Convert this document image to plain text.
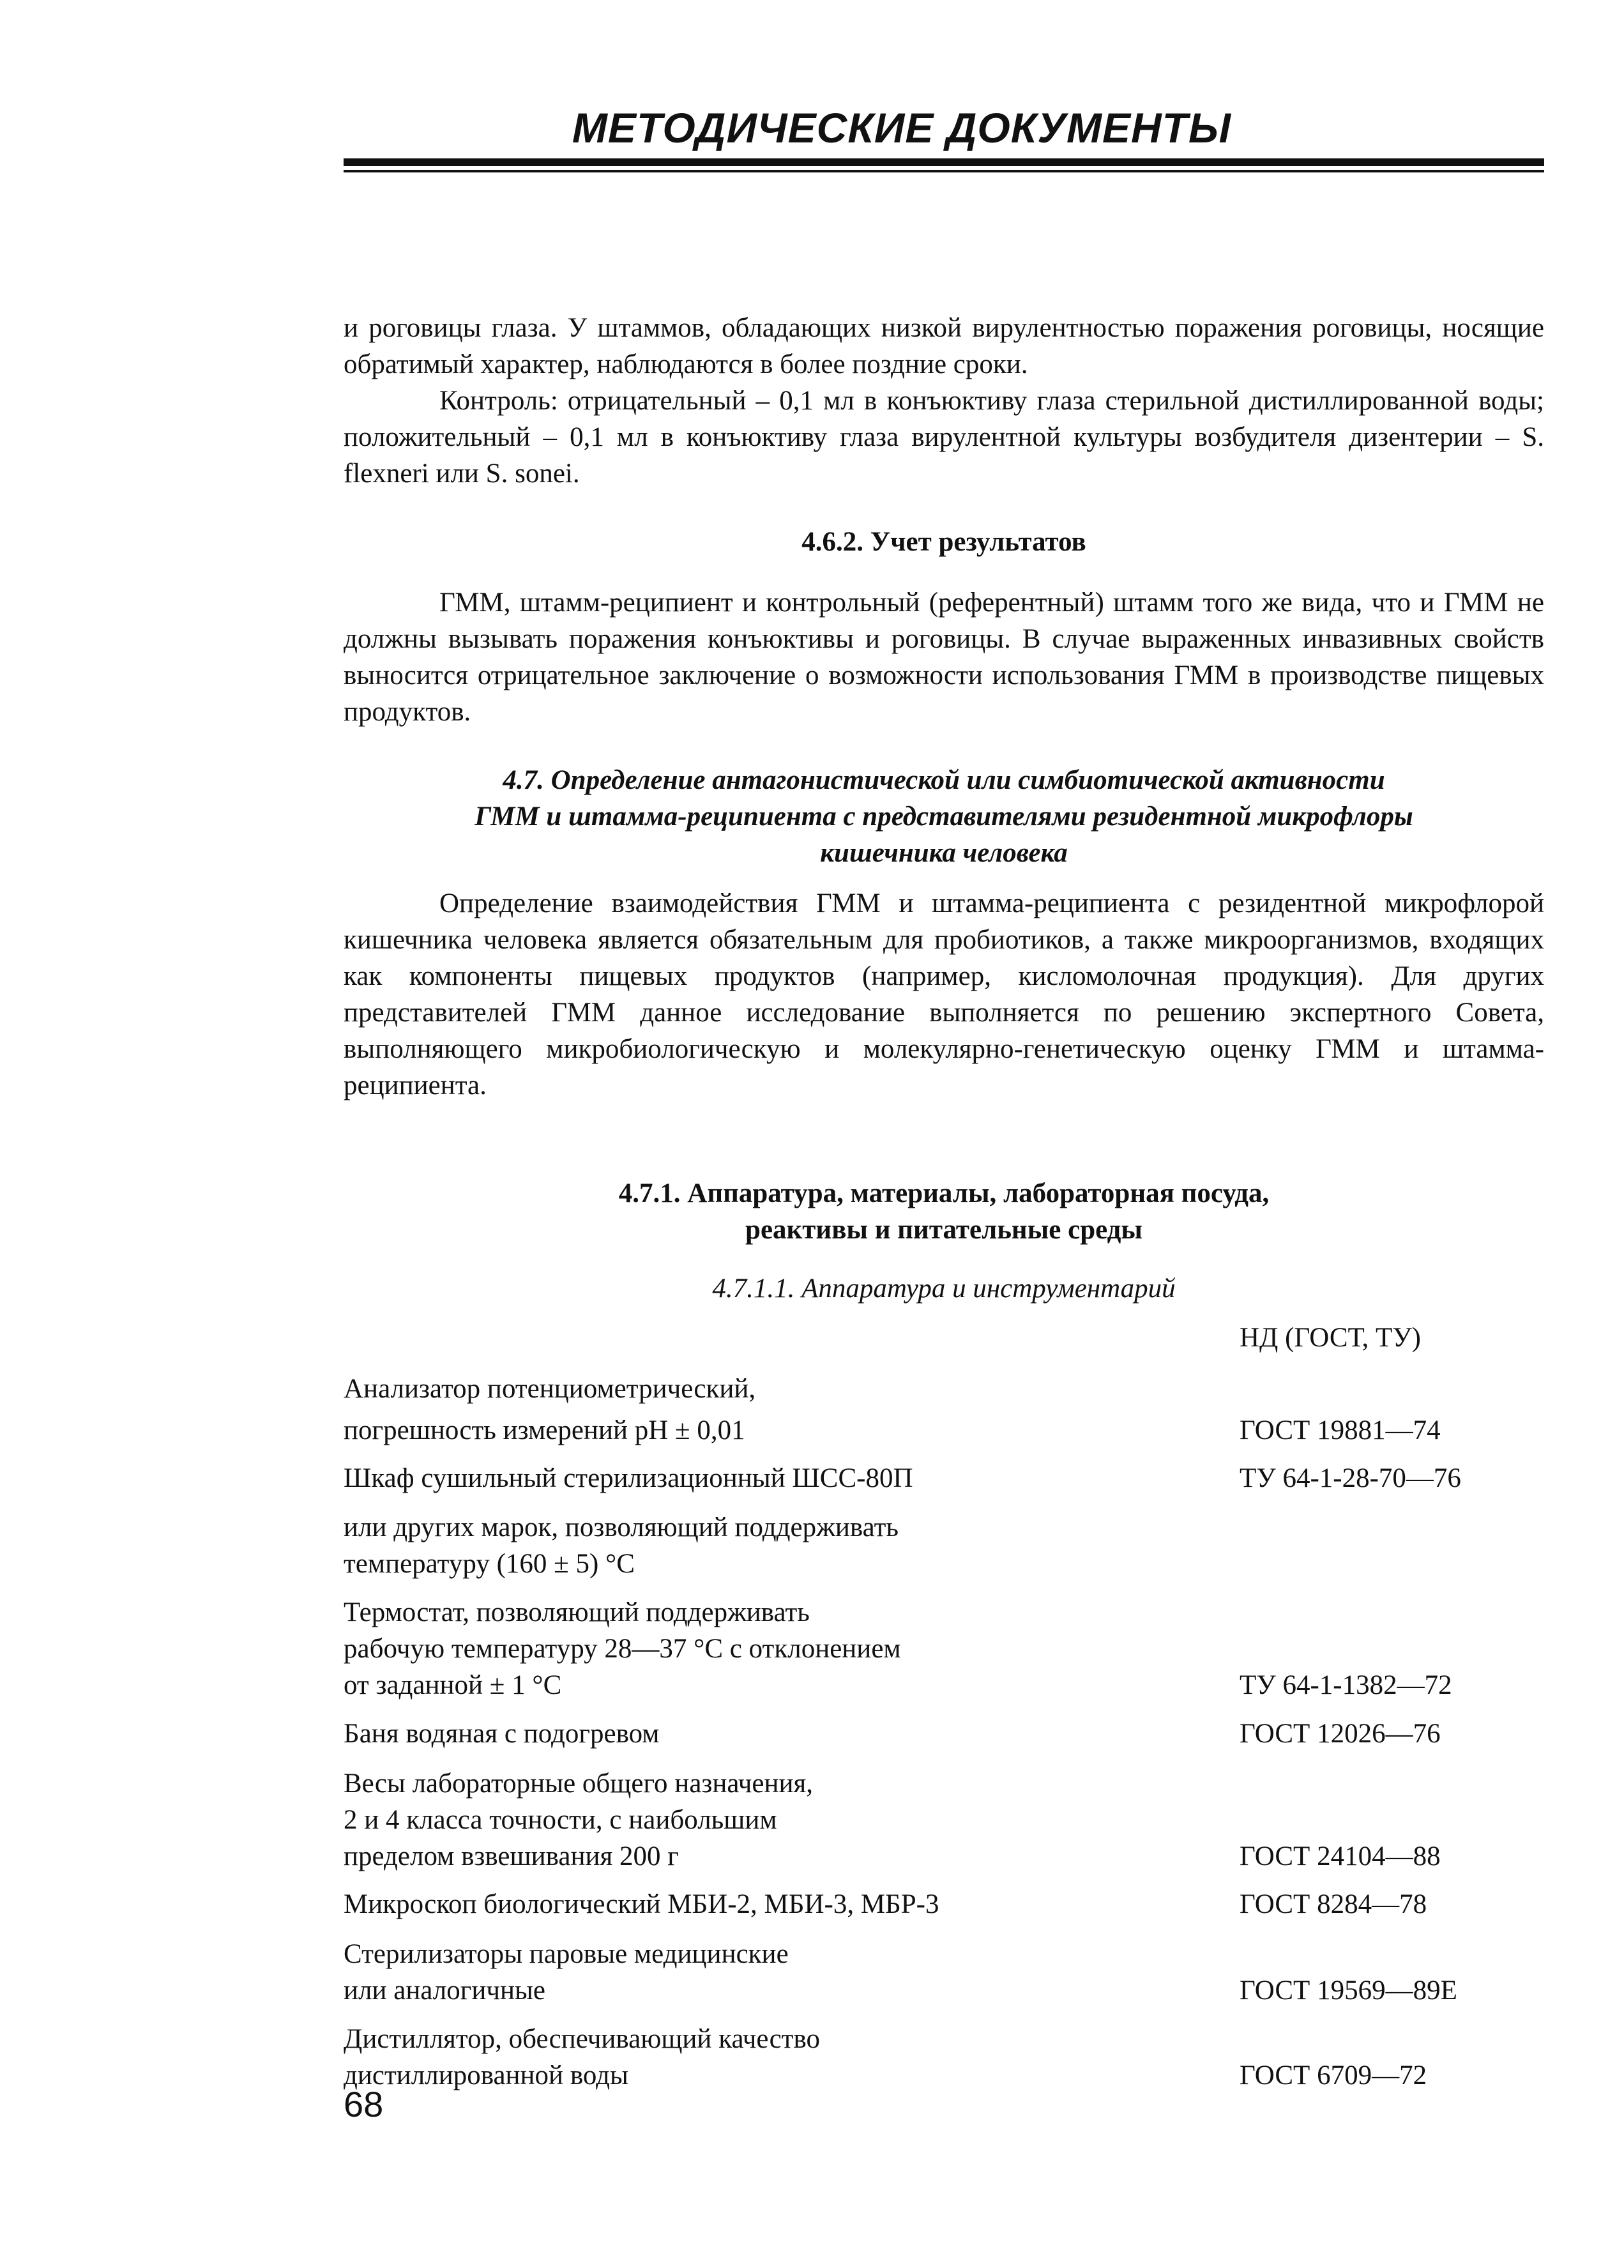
МЕТОДИЧЕСКИЕ ДОКУМЕНТЫ

и роговицы глаза. У штаммов, обладающих низкой вирулентностью поражения роговицы, носящие обратимый характер, наблюдаются в более поздние сроки.

Контроль: отрицательный – 0,1 мл в конъюктиву глаза стерильной дистиллированной воды; положительный – 0,1 мл в конъюктиву глаза вирулентной культуры возбудителя дизентерии – S. flexneri или S. sonei.

4.6.2. Учет результатов

ГММ, штамм-реципиент и контрольный (референтный) штамм того же вида, что и ГММ не должны вызывать поражения конъюктивы и роговицы. В случае выраженных инвазивных свойств выносится отрицательное заключение о возможности использования ГММ в производстве пищевых продуктов.

4.7. Определение антагонистической или симбиотической активности

ГММ и штамма-реципиента с представителями резидентной микрофлоры

кишечника человека

Определение взаимодействия ГММ и штамма-реципиента с резидентной микрофлорой кишечника человека является обязательным для пробиотиков, а также микроорганизмов, входящих как компоненты пищевых продуктов (например, кисломолочная продукция). Для других представителей ГММ данное исследование выполняется по решению экспертного Совета, выполняющего микробиологическую и молекулярно-генетическую оценку ГММ и штамма-реципиента.

4.7.1. Аппаратура, материалы, лабораторная посуда,

реактивы и питательные среды

4.7.1.1. Аппаратура и инструментарий

НД (ГОСТ, ТУ)
Анализатор потенциометрический,
погрешность измерений pH ± 0,01	ГОСТ 19881—74
Шкаф сушильный стерилизационный ШСС-80П	ТУ 64-1-28-70—76
или других марок, позволяющий поддерживать
температуру (160 ± 5) °С
Термостат, позволяющий поддерживать
рабочую температуру 28—37 °С с отклонением
от заданной ± 1 °С	ТУ 64-1-1382—72
Баня водяная с подогревом	ГОСТ 12026—76
Весы лабораторные общего назначения,
2 и 4 класса точности, с наибольшим
пределом взвешивания 200 г	ГОСТ 24104—88
Микроскоп биологический МБИ-2, МБИ-3, МБР-3	ГОСТ 8284—78
Стерилизаторы паровые медицинские
или аналогичные	ГОСТ 19569—89Е
Дистиллятор, обеспечивающий качество
дистиллированной воды	ГОСТ 6709—72
68
